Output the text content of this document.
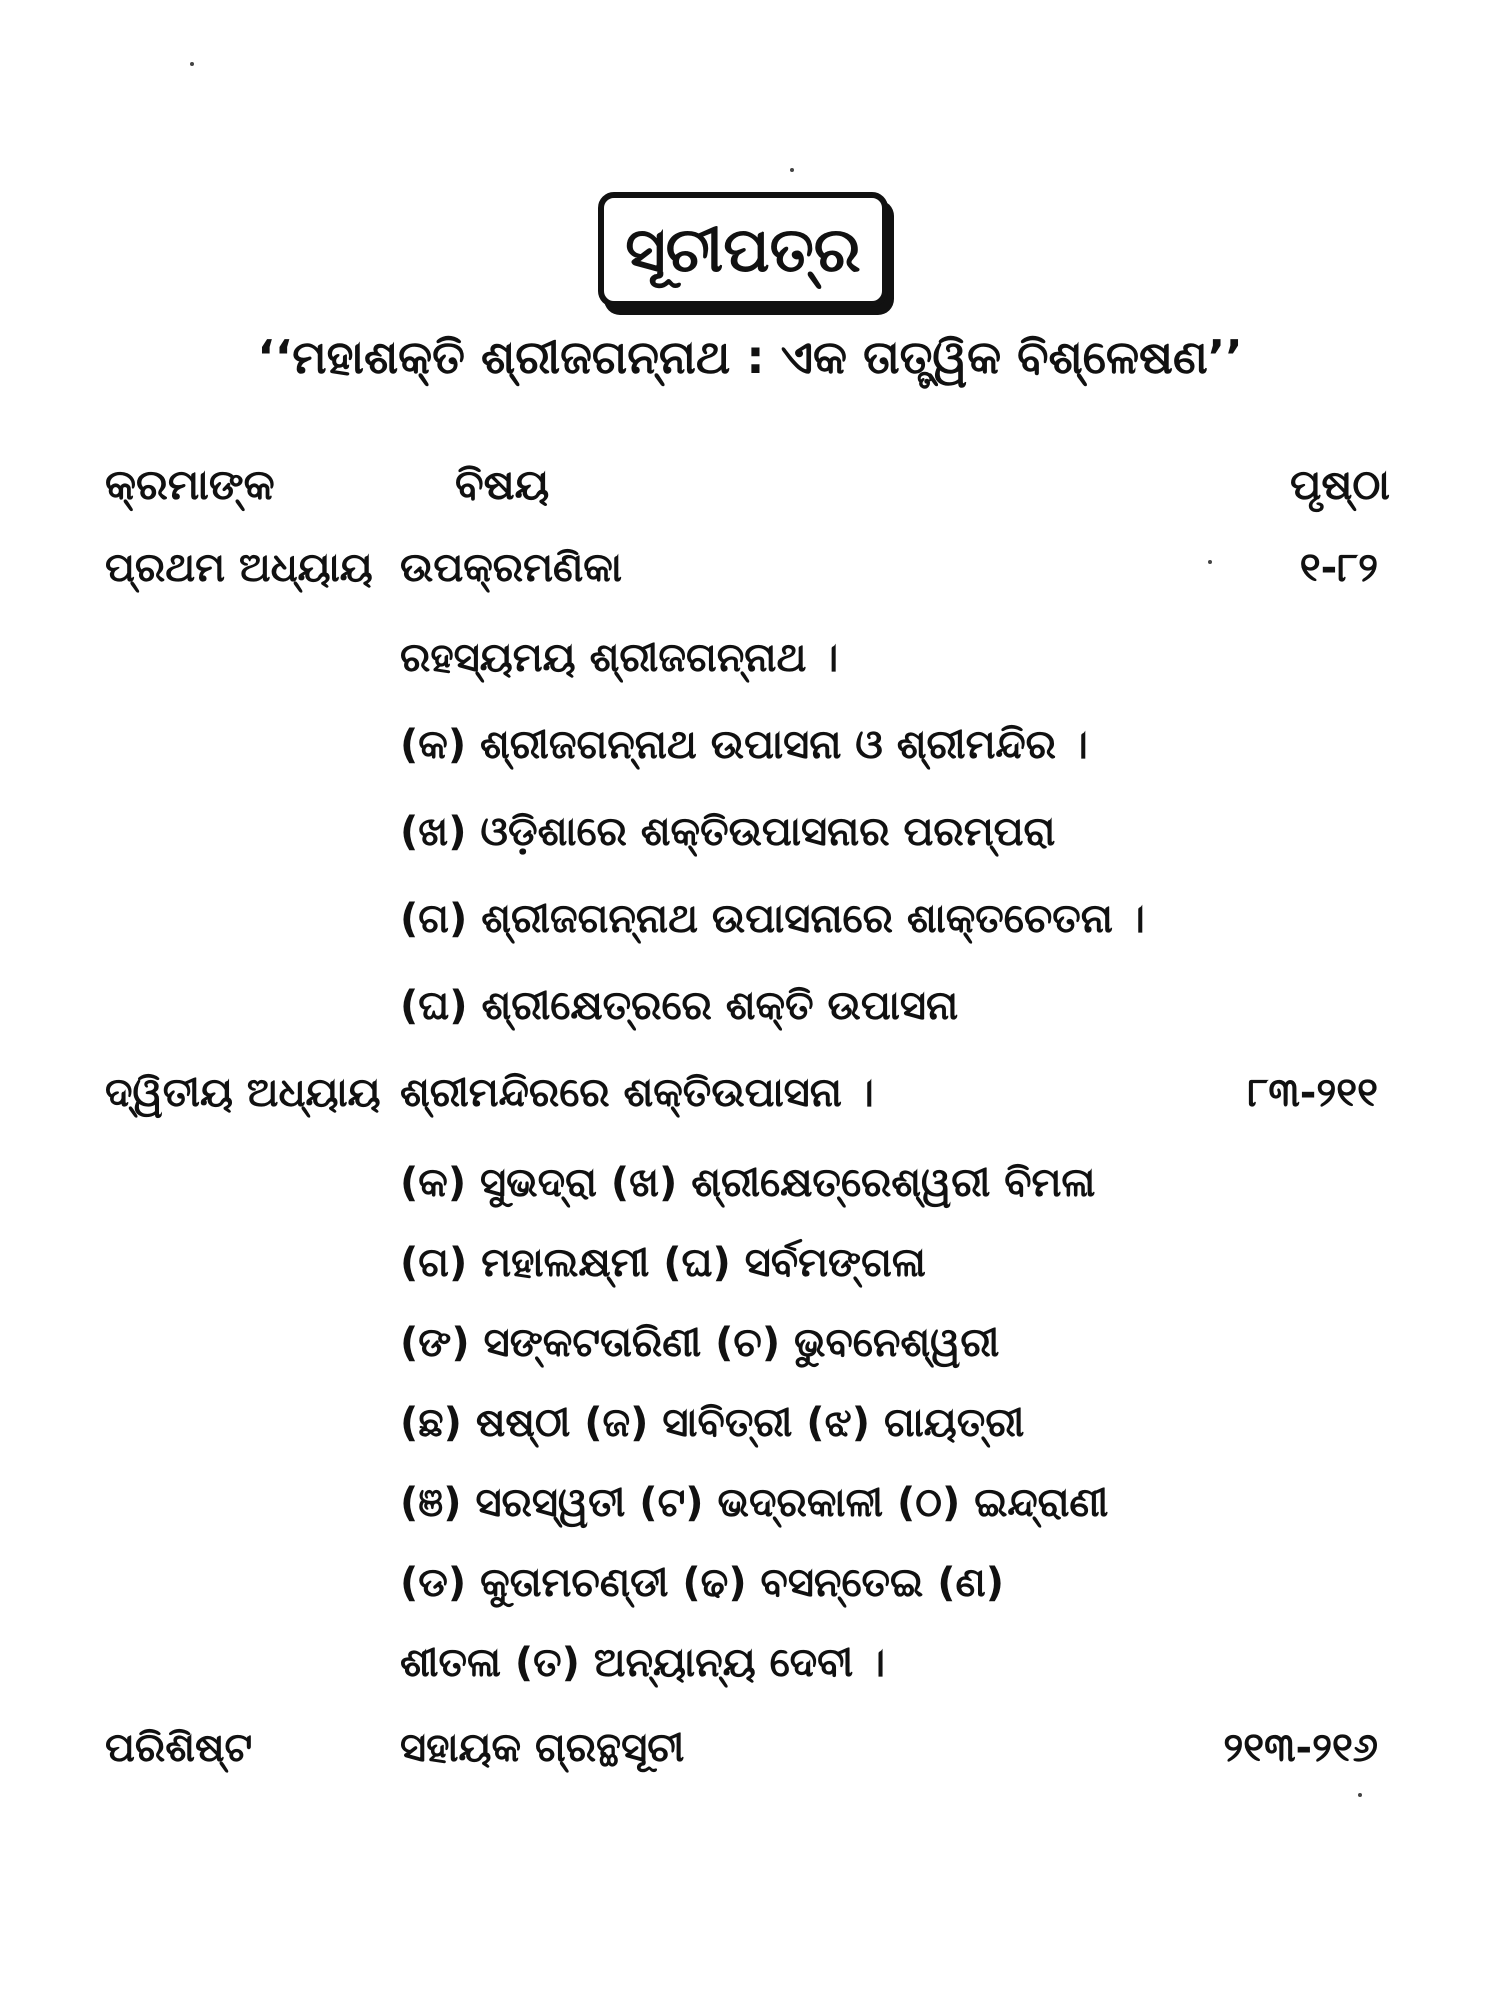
ସୂଚୀପତ୍ର
‘‘ମହାଶକ୍ତି ଶ୍ରୀଜଗନ୍ନାଥ : ଏକ ତାତ୍ତ୍ୱିକ ବିଶ୍ଳେଷଣ’’
କ୍ରମାଙ୍କ	ବିଷୟ	ପୃଷ୍ଠା
ପ୍ରଥମ ଅଧ୍ୟାୟ ଉପକ୍ରମଣିକା	୧-୮୨
ରହସ୍ୟମୟ ଶ୍ରୀଜଗନ୍ନାଥ ।
(କ) ଶ୍ରୀଜଗନ୍ନାଥ ଉପାସନା ଓ ଶ୍ରୀମନ୍ଦିର ।
(ଖ) ଓଡ଼ିଶାରେ ଶକ୍ତିଉପାସନାର ପରମ୍ପରା
(ଗ) ଶ୍ରୀଜଗନ୍ନାଥ ଉପାସନାରେ ଶାକ୍ତଚେତନା ।
(ଘ) ଶ୍ରୀକ୍ଷେତ୍ରରେ ଶକ୍ତି ଉପାସନା
ଦ୍ୱିତୀୟ ଅଧ୍ୟାୟ ଶ୍ରୀମନ୍ଦିରରେ ଶକ୍ତିଉପାସନା ।	୮୩-୨୧୧
(କ) ସୁଭଦ୍ରା (ଖ) ଶ୍ରୀକ୍ଷେତ୍ରେଶ୍ୱରୀ ବିମଳା
(ଗ) ମହାଲକ୍ଷ୍ମୀ (ଘ) ସର୍ବମଙ୍ଗଳା
(ଙ) ସଙ୍କଟତାରିଣୀ (ଚ) ଭୁବନେଶ୍ୱରୀ
(ଛ) ଷଷ୍ଠୀ (ଜ) ସାବିତ୍ରୀ (ଝ) ଗାୟତ୍ରୀ
(ଞ) ସରସ୍ୱତୀ (ଟ) ଭଦ୍ରକାଳୀ (ଠ) ଇନ୍ଦ୍ରାଣୀ
(ଡ) କୁତାମଚଣ୍ଡୀ (ଢ) ବସନ୍ତେଇ (ଣ)
ଶୀତଳା (ତ) ଅନ୍ୟାନ୍ୟ ଦେବୀ ।
ପରିଶିଷ୍ଟ	ସହାୟକ ଗ୍ରନ୍ଥସୂଚୀ	୨୧୩-୨୧୬
